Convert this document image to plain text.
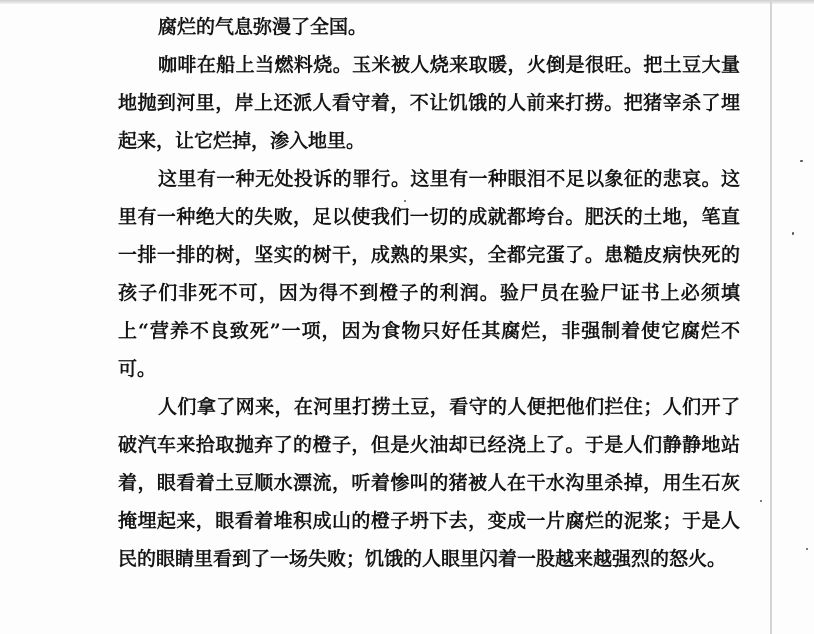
腐烂的气息弥漫了全国。

咖啡在船上当燃料烧。玉米被人烧来取暖，火倒是很旺。把土豆大量地抛到河里，岸上还派人看守着，不让饥饿的人前来打捞。把猪宰杀了埋起来，让它烂掉，渗入地里。

这里有一种无处投诉的罪行。这里有一种眼泪不足以象征的悲哀。这里有一种绝大的失败，足以使我们一切的成就都垮台。肥沃的土地，笔直一排一排的树，坚实的树干，成熟的果实，全都完蛋了。患糙皮病快死的孩子们非死不可，因为得不到橙子的利润。验尸员在验尸证书上必须填上“营养不良致死”一项，因为食物只好任其腐烂，非强制着使它腐烂不可。

人们拿了网来，在河里打捞土豆，看守的人便把他们拦住；人们开了破汽车来拾取抛弃了的橙子，但是火油却已经浇上了。于是人们静静地站着，眼看着土豆顺水漂流，听着惨叫的猪被人在干水沟里杀掉，用生石灰掩埋起来，眼看着堆积成山的橙子坍下去，变成一片腐烂的泥浆；于是人民的眼睛里看到了一场失败；饥饿的人眼里闪着一股越来越强烈的怒火。
